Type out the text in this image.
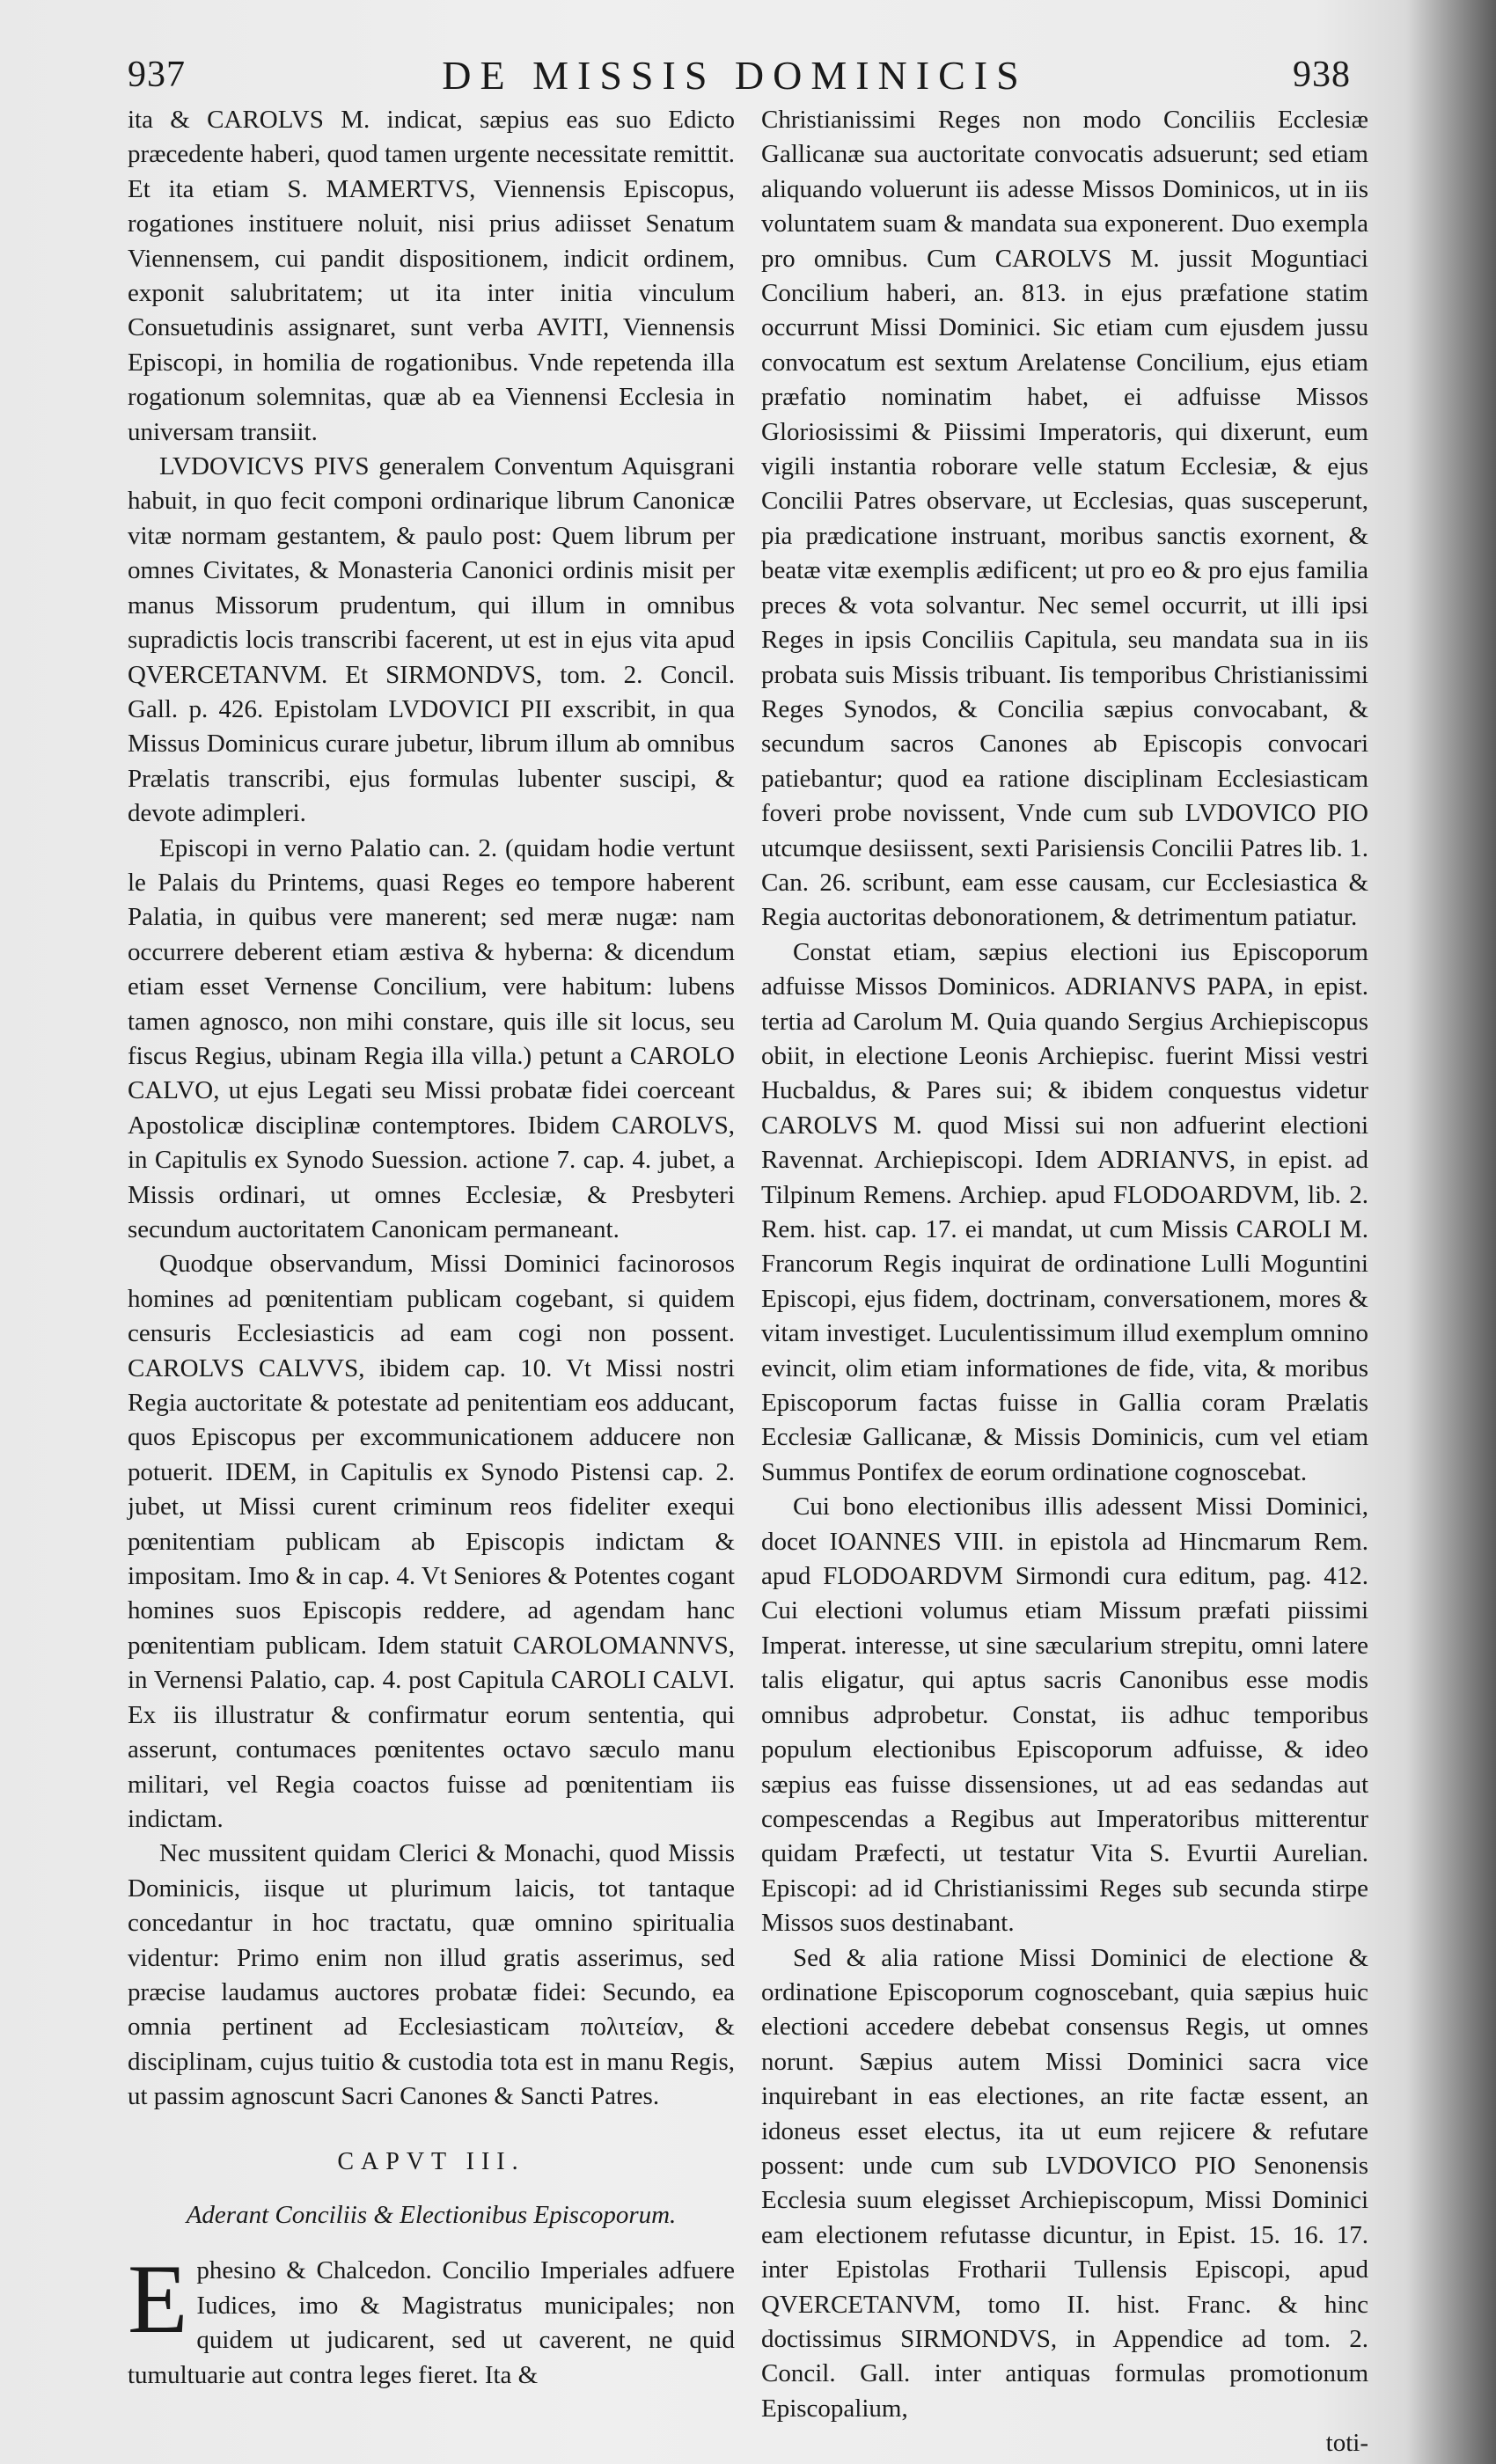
937	DE MISSIS DOMINICIS	938

ita & CAROLVS M. indicat, sæpius eas suo Edicto præcedente haberi, quod tamen urgente necessitate remittit. Et ita etiam S. MAMERTVS, Viennensis Episcopus, rogationes instituere noluit, nisi prius adiisset Senatum Viennensem, cui pandit dispositionem, indicit ordinem, exponit salubritatem; ut ita inter initia vinculum Consuetudinis assignaret, sunt verba AVITI, Viennensis Episcopi, in homilia de rogationibus. Vnde repetenda illa rogationum solemnitas, quæ ab ea Viennensi Ecclesia in universam transiit.

LVDOVICVS PIVS generalem Conventum Aquisgrani habuit, in quo fecit componi ordinarique librum Canonicæ vitæ normam gestantem, & paulo post: Quem librum per omnes Civitates, & Monasteria Canonici ordinis misit per manus Missorum prudentum, qui illum in omnibus supradictis locis transcribi facerent, ut est in ejus vita apud QVERCETANVM. Et SIRMONDVS, tom. 2. Concil. Gall. p. 426. Epistolam LVDOVICI PII exscribit, in qua Missus Dominicus curare jubetur, librum illum ab omnibus Prælatis transcribi, ejus formulas lubenter suscipi, & devote adimpleri.

Episcopi in verno Palatio can. 2. (quidam hodie vertunt le Palais du Printems, quasi Reges eo tempore haberent Palatia, in quibus vere manerent; sed meræ nugæ: nam occurrere deberent etiam æstiva & hyberna: & dicendum etiam esset Vernense Concilium, vere habitum: lubens tamen agnosco, non mihi constare, quis ille sit locus, seu fiscus Regius, ubinam Regia illa villa.) petunt a CAROLO CALVO, ut ejus Legati seu Missi probatæ fidei coerceant Apostolicæ disciplinæ contemptores. Ibidem CAROLVS, in Capitulis ex Synodo Suession. actione 7. cap. 4. jubet, a Missis ordinari, ut omnes Ecclesiæ, & Presbyteri secundum auctoritatem Canonicam permaneant.

Quodque observandum, Missi Dominici facinorosos homines ad pœnitentiam publicam cogebant, si quidem censuris Ecclesiasticis ad eam cogi non possent. CAROLVS CALVVS, ibidem cap. 10. Vt Missi nostri Regia auctoritate & potestate ad penitentiam eos adducant, quos Episcopus per excommunicationem adducere non potuerit. IDEM, in Capitulis ex Synodo Pistensi cap. 2. jubet, ut Missi curent criminum reos fideliter exequi pœnitentiam publicam ab Episcopis indictam & impositam. Imo & in cap. 4. Vt Seniores & Potentes cogant homines suos Episcopis reddere, ad agendam hanc pœnitentiam publicam. Idem statuit CAROLOMANNVS, in Vernensi Palatio, cap. 4. post Capitula CAROLI CALVI. Ex iis illustratur & confirmatur eorum sententia, qui asserunt, contumaces pœnitentes octavo sæculo manu militari, vel Regia coactos fuisse ad pœnitentiam iis indictam.

Nec mussitent quidam Clerici & Monachi, quod Missis Dominicis, iisque ut plurimum laicis, tot tantaque concedantur in hoc tractatu, quæ omnino spiritualia videntur: Primo enim non illud gratis asserimus, sed præcise laudamus auctores probatæ fidei: Secundo, ea omnia pertinent ad Ecclesiasticam πολιτείαν, & disciplinam, cujus tuitio & custodia tota est in manu Regis, ut passim agnoscunt Sacri Canones & Sancti Patres.

CAPVT III.
Aderant Conciliis & Electionibus Episcoporum.

Ephesino & Chalcedon. Concilio Imperiales adfuere Iudices, imo & Magistratus municipales; non quidem ut judicarent, sed ut caverent, ne quid tumultuarie aut contra leges fieret. Ita &

Christianissimi Reges non modo Conciliis Ecclesiæ Gallicanæ sua auctoritate convocatis adsuerunt; sed etiam aliquando voluerunt iis adesse Missos Dominicos, ut in iis voluntatem suam & mandata sua exponerent. Duo exempla pro omnibus. Cum CAROLVS M. jussit Moguntiaci Concilium haberi, an. 813. in ejus præfatione statim occurrunt Missi Dominici. Sic etiam cum ejusdem jussu convocatum est sextum Arelatense Concilium, ejus etiam præfatio nominatim habet, ei adfuisse Missos Gloriosissimi & Piissimi Imperatoris, qui dixerunt, eum vigili instantia roborare velle statum Ecclesiæ, & ejus Concilii Patres observare, ut Ecclesias, quas susceperunt, pia prædicatione instruant, moribus sanctis exornent, & beatæ vitæ exemplis ædificent; ut pro eo & pro ejus familia preces & vota solvantur. Nec semel occurrit, ut illi ipsi Reges in ipsis Conciliis Capitula, seu mandata sua in iis probata suis Missis tribuant. Iis temporibus Christianissimi Reges Synodos, & Concilia sæpius convocabant, & secundum sacros Canones ab Episcopis convocari patiebantur; quod ea ratione disciplinam Ecclesiasticam foveri probe novissent, Vnde cum sub LVDOVICO PIO utcumque desiissent, sexti Parisiensis Concilii Patres lib. 1. Can. 26. scribunt, eam esse causam, cur Ecclesiastica & Regia auctoritas debonorationem, & detrimentum patiatur.

Constat etiam, sæpius electioni ius Episcoporum adfuisse Missos Dominicos. ADRIANVS PAPA, in epist. tertia ad Carolum M. Quia quando Sergius Archiepiscopus obiit, in electione Leonis Archiepisc. fuerint Missi vestri Hucbaldus, & Pares sui; & ibidem conquestus videtur CAROLVS M. quod Missi sui non adfuerint electioni Ravennat. Archiepiscopi. Idem ADRIANVS, in epist. ad Tilpinum Remens. Archiep. apud FLODOARDVM, lib. 2. Rem. hist. cap. 17. ei mandat, ut cum Missis CAROLI M. Francorum Regis inquirat de ordinatione Lulli Moguntini Episcopi, ejus fidem, doctrinam, conversationem, mores & vitam investiget. Luculentissimum illud exemplum omnino evincit, olim etiam informationes de fide, vita, & moribus Episcoporum factas fuisse in Gallia coram Prælatis Ecclesiæ Gallicanæ, & Missis Dominicis, cum vel etiam Summus Pontifex de eorum ordinatione cognoscebat.

Cui bono electionibus illis adessent Missi Dominici, docet IOANNES VIII. in epistola ad Hincmarum Rem. apud FLODOARDVM Sirmondi cura editum, pag. 412. Cui electioni volumus etiam Missum præfati piissimi Imperat. interesse, ut sine sæcularium strepitu, omni latere talis eligatur, qui aptus sacris Canonibus esse modis omnibus adprobetur. Constat, iis adhuc temporibus populum electionibus Episcoporum adfuisse, & ideo sæpius eas fuisse dissensiones, ut ad eas sedandas aut compescendas a Regibus aut Imperatoribus mitterentur quidam Præfecti, ut testatur Vita S. Evurtii Aurelian. Episcopi: ad id Christianissimi Reges sub secunda stirpe Missos suos destinabant.

Sed & alia ratione Missi Dominici de electione & ordinatione Episcoporum cognoscebant, quia sæpius huic electioni accedere debebat consensus Regis, ut omnes norunt. Sæpius autem Missi Dominici sacra vice inquirebant in eas electiones, an rite factæ essent, an idoneus esset electus, ita ut eum rejicere & refutare possent: unde cum sub LVDOVICO PIO Senonensis Ecclesia suum elegisset Archiepiscopum, Missi Dominici eam electionem refutasse dicuntur, in Epist. 15. 16. 17. inter Epistolas Frotharii Tullensis Episcopi, apud QVERCETANVM, tomo II. hist. Franc. & hinc doctissimus SIRMONDVS, in Appendice ad tom. 2. Concil. Gall. inter antiquas formulas promotionum Episcopalium,

toti-
